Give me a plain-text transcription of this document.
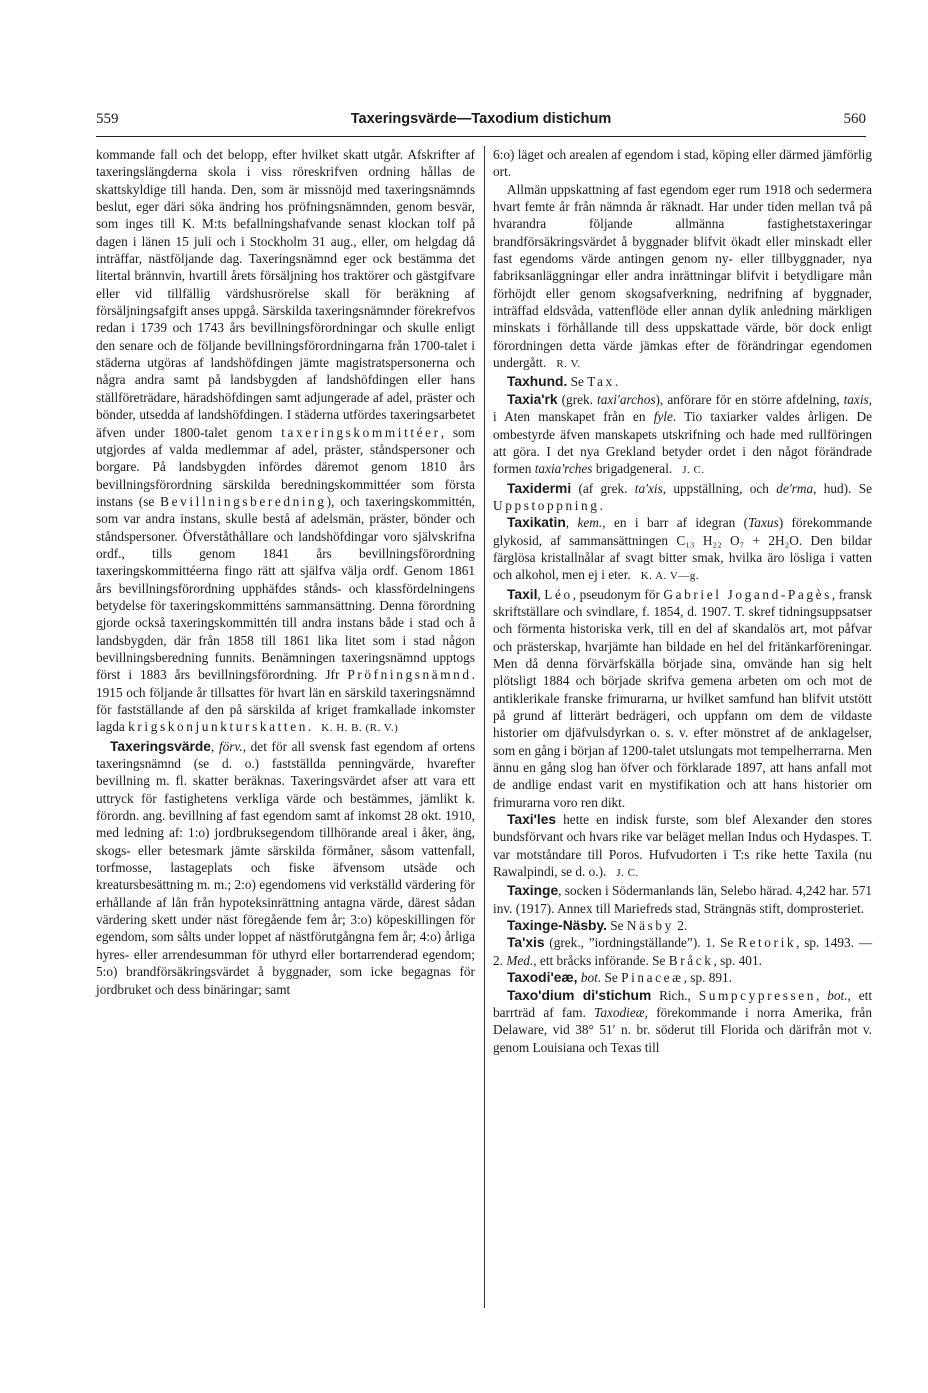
559	Taxeringsvärde—Taxodium distichum	560

kommande fall och det belopp, efter hvilket skatt utgår. Afskrifter af taxeringslängderna skola i viss röreskrifven ordning hållas de skattskyldige till handa. Den, som är missnöjd med taxeringsnämnds beslut, eger däri söka ändring hos pröfningsnämnden, genom besvär, som inges till K. M:ts befallningshafvande senast klockan tolf på dagen i länen 15 juli och i Stockholm 31 aug., eller, om helgdag då inträffar, nästföljande dag. Taxeringsnämnd eger ock bestämma det litertal brännvin, hvartill årets försäljning hos traktörer och gästgifvare eller vid tillfällig värdshusrörelse skall för beräkning af försäljningsafgift anses uppgå. Särskilda taxeringsnämnder förekrefvos redan i 1739 och 1743 års bevillningsförordningar och skulle enligt den senare och de följande bevillningsförordningarna från 1700-talet i städerna utgöras af landshöfdingen jämte magistratspersonerna och några andra samt på landsbygden af landshöfdingen eller hans ställföreträdare, häradshöfdingen samt adjungerade af adel, präster och bönder, utsedda af landshöfdingen. I städerna utfördes taxeringsarbetet äfven under 1800-talet genom taxeringskommittéer, som utgjordes af valda medlemmar af adel, präster, ståndspersoner och borgare. På landsbygden infördes däremot genom 1810 års bevillningsförordning särskilda beredningskommittéer som första instans (se Bevillningsberedning), och taxeringskommittén, som var andra instans, skulle bestå af adelsmän, präster, bönder och ståndspersoner. Öfverståthållare och landshöfdingar voro självskrifna ordf., tills genom 1841 års bevillningsförordning taxeringskommittéerna fingo rätt att själfva välja ordf. Genom 1861 års bevillningsförordning upphäfdes stånds- och klassfördelningens betydelse för taxeringskommitténs sammansättning. Denna förordning gjorde också taxeringskommittén till andra instans både i stad och å landsbygden, där från 1858 till 1861 lika litet som i stad någon bevillningsberedning funnits. Benämningen taxeringsnämnd upptogs först i 1883 års bevillningsförordning. Jfr Pröfningsnämnd. 1915 och följande år tillsattes för hvart län en särskild taxeringsnämnd för fastställande af den på särskilda af kriget framkallade inkomster lagda krigskonjunkturskatten. K. H. B. (R. V.)

Taxeringsvärde, förv., det för all svensk fast egendom af ortens taxeringsnämnd (se d. o.) fastställda penningvärde, hvarefter bevillning m. fl. skatter beräknas. Taxeringsvärdet afser att vara ett uttryck för fastighetens verkliga värde och bestämmes, jämlikt k. förordn. ang. bevillning af fast egendom samt af inkomst 28 okt. 1910, med ledning af: 1:o) jordbruksegendom tillhörande areal i åker, äng, skogs- eller betesmark jämte särskilda förmåner, såsom vattenfall, torfmosse, lastageplats och fiske äfvensom utsäde och kreatursbesättning m. m.; 2:o) egendomens vid verkställd värdering för erhållande af lån från hypoteksinrättning antagna värde, därest sådan värdering skett under näst föregående fem år; 3:o) köpeskillingen för egendom, som sålts under loppet af nästförutgångna fem år; 4:o) årliga hyres- eller arrendesumman för uthyrd eller bortarrenderad egendom; 5:o) brandförsäkringsvärdet å byggnader, som icke begagnas för jordbruket och dess binäringar; samt

6:o) läget och arealen af egendom i stad, köping eller därmed jämförlig ort.

Allmän uppskattning af fast egendom eger rum 1918 och sedermera hvart femte år från nämnda år räknadt. Har under tiden mellan två på hvarandra följande allmänna fastighetstaxeringar brandförsäkringsvärdet å byggnader blifvit ökadt eller minskadt eller fast egendoms värde antingen genom ny- eller tillbyggnader, nya fabriksanläggningar eller andra inrättningar blifvit i betydligare mån förhöjdt eller genom skogsafverkning, nedrifning af byggnader, inträffad eldsvåda, vattenflöde eller annan dylik anledning märkligen minskats i förhållande till dess uppskattade värde, bör dock enligt förordningen detta värde jämkas efter de förändringar egendomen undergått. R. V.

Taxhund. Se Tax.

Taxia'rk (grek. taxi'archos), anförare för en större afdelning, taxis, i Aten manskapet från en fyle. Tio taxiarker valdes årligen. De ombestyrde äfven manskapets utskrifning och hade med rullföringen att göra. I det nya Grekland betyder ordet i den något förändrade formen taxia'rches brigadgeneral. J. C.

Taxidermi (af grek. ta'xis, uppställning, och de'rma, hud). Se Uppstoppning.

Taxikatin, kem., en i barr af idegran (Taxus) förekommande glykosid, af sammansättningen C₁₃ H₂₂ O₇ + 2H₂O. Den bildar färglösa kristallnålar af svagt bitter smak, hvilka äro lösliga i vatten och alkohol, men ej i eter. K. A. V—g.

Taxil, Léo, pseudonym för Gabriel Jogand-Pagès, fransk skriftställare och svindlare, f. 1854, d. 1907. T. skref tidningsuppsatser och förmenta historiska verk, till en del af skandalös art, mot påfvar och prästerskap, hvarjämte han bildade en hel del fritänkarföreningar. Men då denna förvärfskälla började sina, omvände han sig helt plötsligt 1884 och började skrifva gemena arbeten om och mot de antiklerikale franske frimurarna, ur hvilket samfund han blifvit utstött på grund af litterärt bedrägeri, och uppfann om dem de vildaste historier om djäfvulsdyrkan o. s. v. efter mönstret af de anklagelser, som en gång i början af 1200-talet utslungats mot tempelherrarna. Men ännu en gång slog han öfver och förklarade 1897, att hans anfall mot de andlige endast varit en mystifikation och att hans historier om frimurarna voro ren dikt.

Taxi'les hette en indisk furste, som blef Alexander den stores bundsförvant och hvars rike var beläget mellan Indus och Hydaspes. T. var motståndare till Poros. Hufvudorten i T:s rike hette Taxila (nu Rawalpindi, se d. o.). J. C.

Taxinge, socken i Södermanlands län, Selebo härad. 4,242 har. 571 inv. (1917). Annex till Mariefreds stad, Strängnäs stift, domprosteriet.

Taxinge-Näsby. Se Näsby 2.

Ta'xis (grek., ”iordningställande”). 1. Se Retorik, sp. 1493. — 2. Med., ett bråcks införande. Se Bråck, sp. 401.

Taxodi'eæ, bot. Se Pinaceæ, sp. 891.

Taxo'dium di'stichum Rich., Sumpcypressen, bot., ett barrträd af fam. Taxodieæ, förekommande i norra Amerika, från Delaware, vid 38° 51′ n. br. söderut till Florida och därifrån mot v. genom Louisiana och Texas till
